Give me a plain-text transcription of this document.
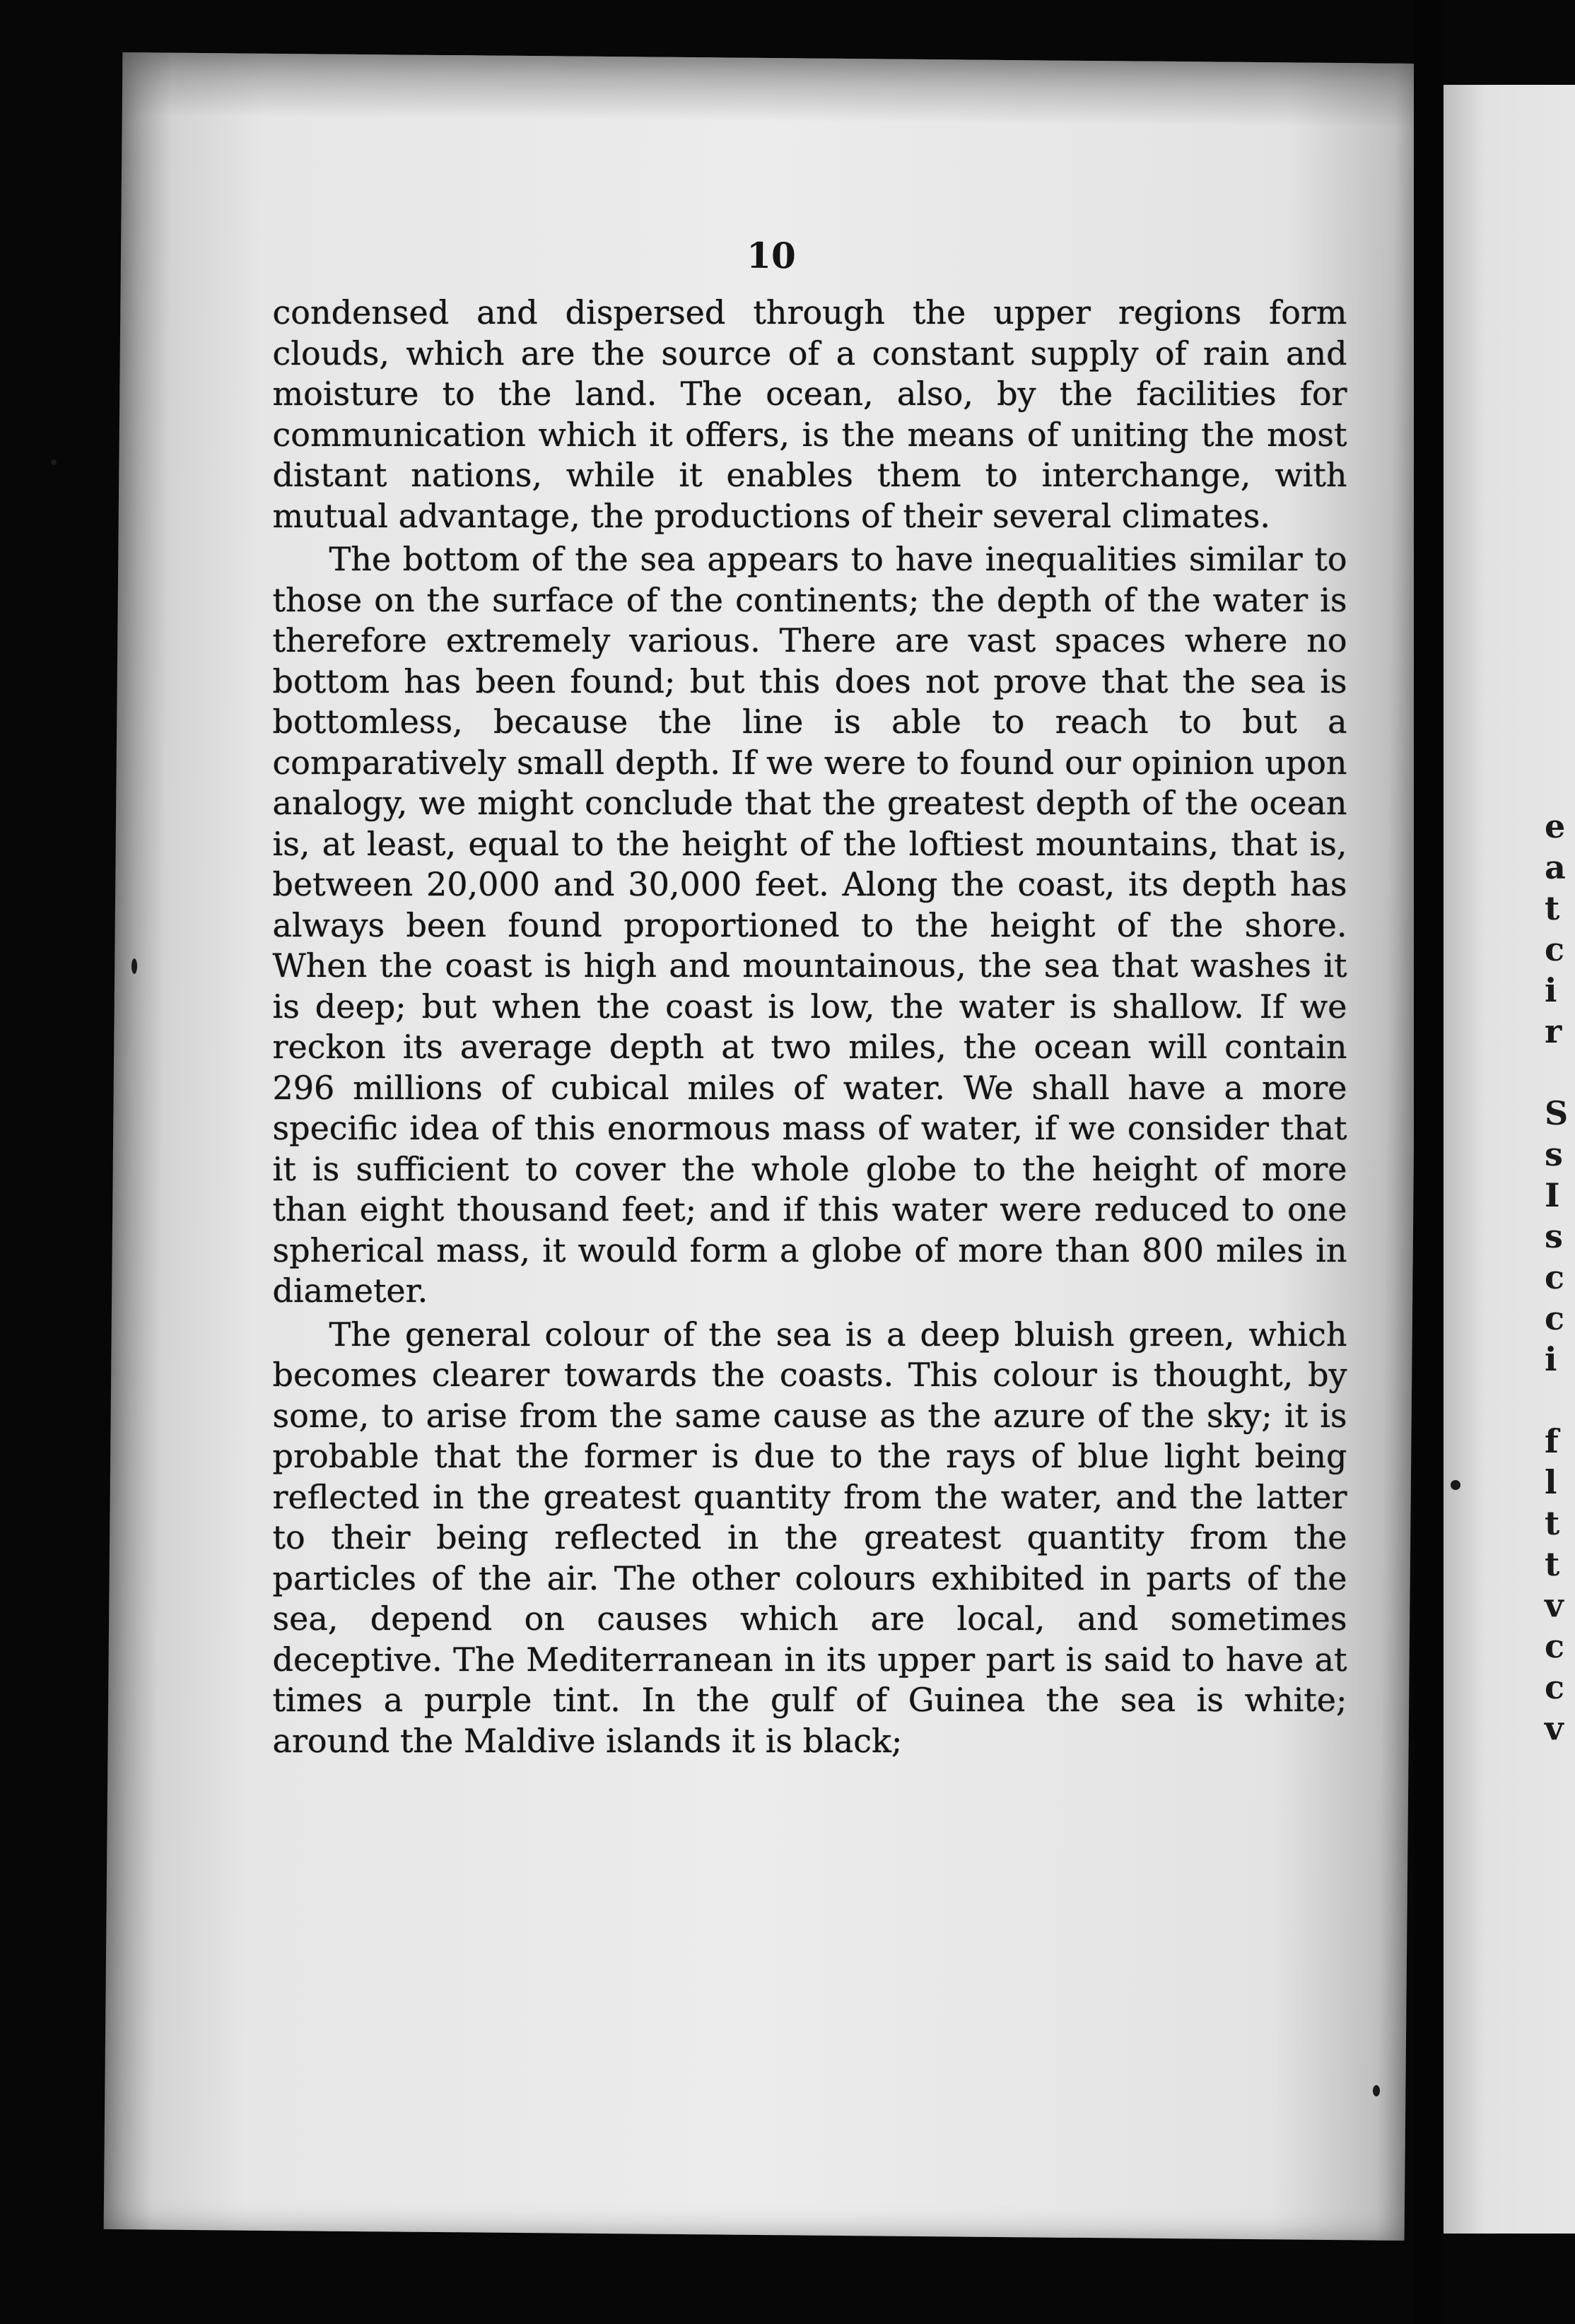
10

condensed and dispersed through the upper regions form clouds, which are the source of a constant supply of rain and moisture to the land. The ocean, also, by the facilities for communication which it offers, is the means of uniting the most distant nations, while it enables them to interchange, with mutual advantage, the productions of their several climates.

The bottom of the sea appears to have inequalities similar to those on the surface of the continents; the depth of the water is therefore extremely various. There are vast spaces where no bottom has been found; but this does not prove that the sea is bottomless, because the line is able to reach to but a comparatively small depth. If we were to found our opinion upon analogy, we might conclude that the greatest depth of the ocean is, at least, equal to the height of the loftiest mountains, that is, between 20,000 and 30,000 feet. Along the coast, its depth has always been found proportioned to the height of the shore. When the coast is high and mountainous, the sea that washes it is deep; but when the coast is low, the water is shallow. If we reckon its average depth at two miles, the ocean will contain 296 millions of cubical miles of water. We shall have a more specific idea of this enormous mass of water, if we consider that it is sufficient to cover the whole globe to the height of more than eight thousand feet; and if this water were reduced to one spherical mass, it would form a globe of more than 800 miles in diameter.

The general colour of the sea is a deep bluish green, which becomes clearer towards the coasts. This colour is thought, by some, to arise from the same cause as the azure of the sky; it is probable that the former is due to the rays of blue light being reflected in the greatest quantity from the water, and the latter to their being reflected in the greatest quantity from the particles of the air. The other colours exhibited in parts of the sea, depend on causes which are local, and sometimes deceptive. The Mediterranean in its upper part is said to have at times a purple tint. In the gulf of Guinea the sea is white; around the Maldive islands it is black;

e
a
t
c
i
r

S
s
I
s
c
c
i

f
l
t
t
v
c
c
v
